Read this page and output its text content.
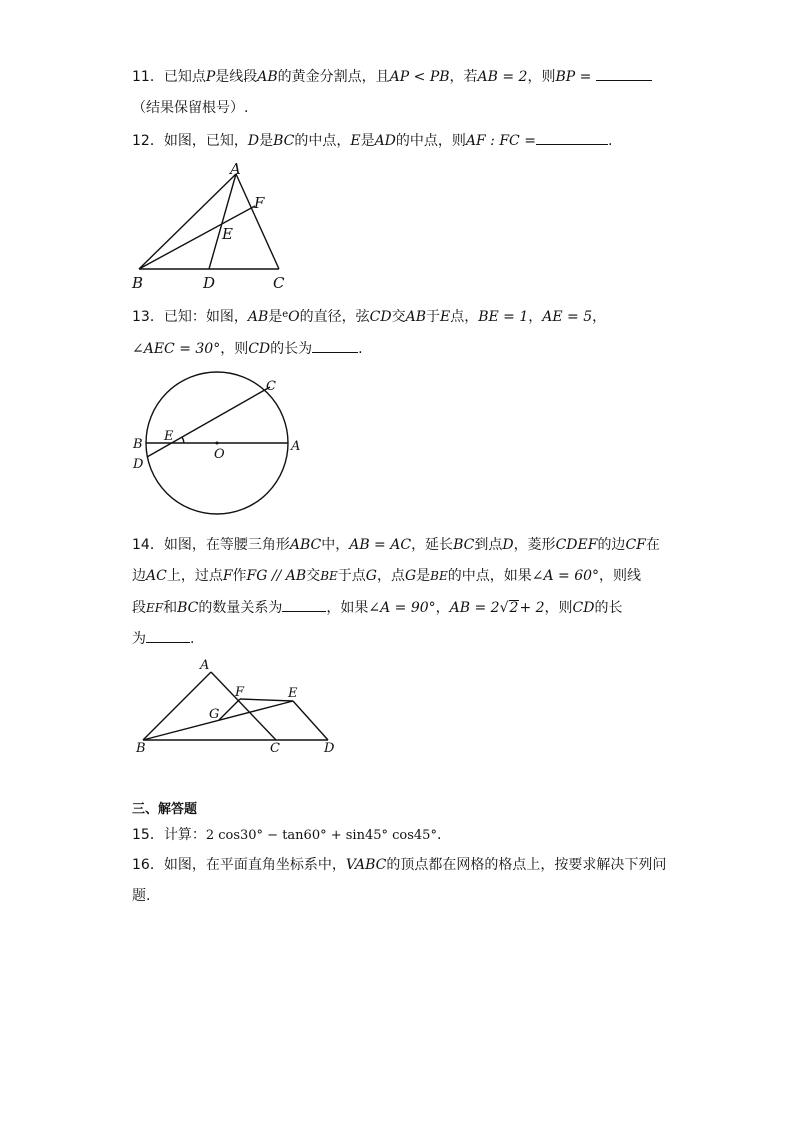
11．已知点P是线段AB的黄金分割点，且AP < PB，若AB = 2，则BP =
（结果保留根号）.
12．如图，已知，D是BC的中点，E是AD的中点，则AF : FC =	.
A
B	C
D
E
F
13．已知：如图，AB是$^e$O的直径，弦CD交AB于E点，BE = 1，AE = 5，
∠AEC = 30°，则CD的长为	.
B
D
E
O
A
C
14．如图，在等腰三角形ABC中，AB = AC，延长BC到点D，菱形CDEF的边CF在
边AC上，过点F作FG // AB交BE于点G，点G是BE的中点，如果∠A = 60°，则线
段EF和BC的数量关系为	，如果∠A = 90°，AB = 2√2+ 2，则CD的长
为	.
A
B	C	D
E
F
G
三、解答题
15．计算：2 cos30° − tan60° + sin45° cos45°.
16．如图，在平面直角坐标系中，VABC的顶点都在网格的格点上，按要求解决下列问
题.
